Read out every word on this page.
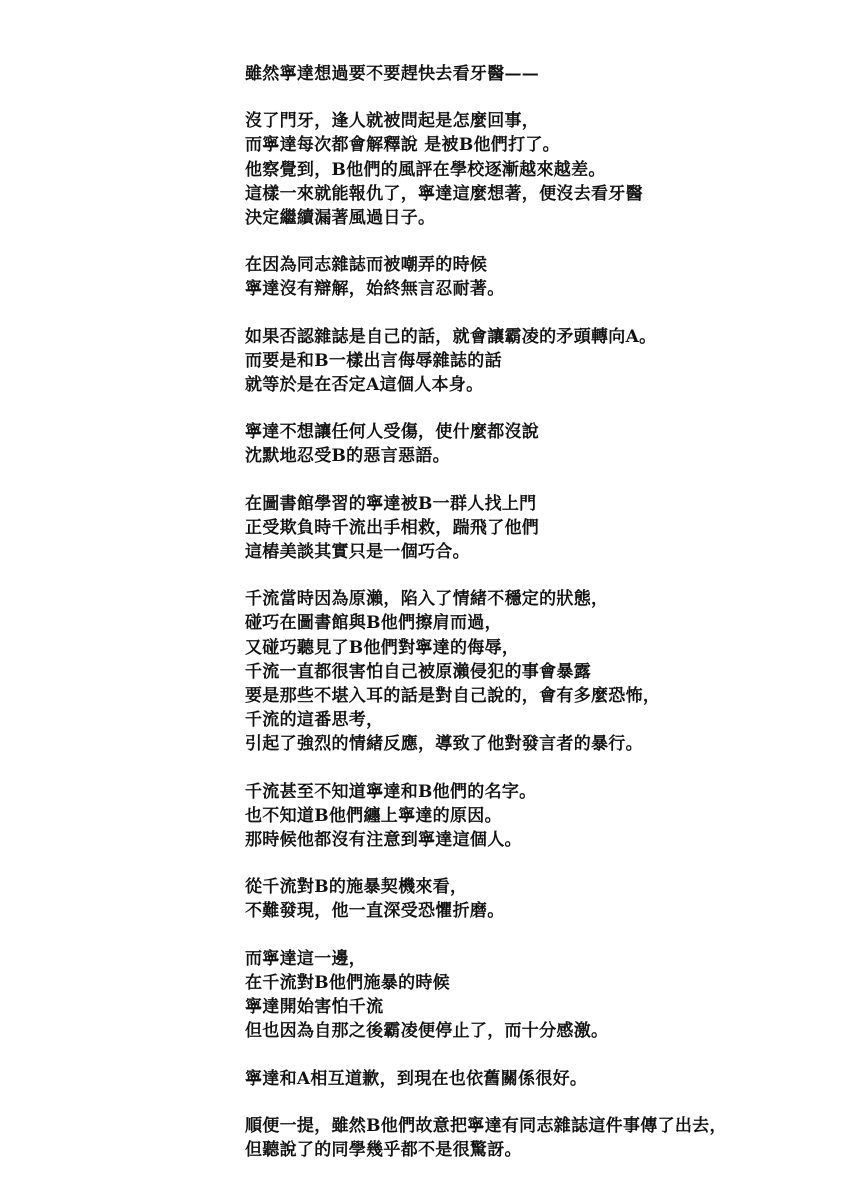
雖然寧達想過要不要趕快去看牙醫——
沒了門牙，逢人就被問起是怎麼回事，
而寧達每次都會解釋說 是被B他們打了。
他察覺到，B他們的風評在學校逐漸越來越差。
這樣一來就能報仇了，寧達這麼想著，便沒去看牙醫
決定繼續漏著風過日子。
在因為同志雜誌而被嘲弄的時候
寧達沒有辯解，始終無言忍耐著。
如果否認雜誌是自己的話，就會讓霸凌的矛頭轉向A。
而要是和B一樣出言侮辱雜誌的話
就等於是在否定A這個人本身。
寧達不想讓任何人受傷，使什麼都沒說
沈默地忍受B的惡言惡語。
在圖書館學習的寧達被B一群人找上門
正受欺負時千流出手相救，踹飛了他們
這樁美談其實只是一個巧合。
千流當時因為原瀨，陷入了情緒不穩定的狀態，
碰巧在圖書館與B他們擦肩而過，
又碰巧聽見了B他們對寧達的侮辱，
千流一直都很害怕自己被原瀨侵犯的事會暴露
要是那些不堪入耳的話是對自己說的，會有多麼恐怖，
千流的這番思考，
引起了強烈的情緒反應，導致了他對發言者的暴行。
千流甚至不知道寧達和B他們的名字。
也不知道B他們纏上寧達的原因。
那時候他都沒有注意到寧達這個人。
從千流對B的施暴契機來看，
不難發現，他一直深受恐懼折磨。
而寧達這一邊，
在千流對B他們施暴的時候
寧達開始害怕千流
但也因為自那之後霸凌便停止了，而十分感激。
寧達和A相互道歉，到現在也依舊關係很好。
順便一提，雖然B他們故意把寧達有同志雜誌這件事傳了出去，
但聽說了的同學幾乎都不是很驚訝。
